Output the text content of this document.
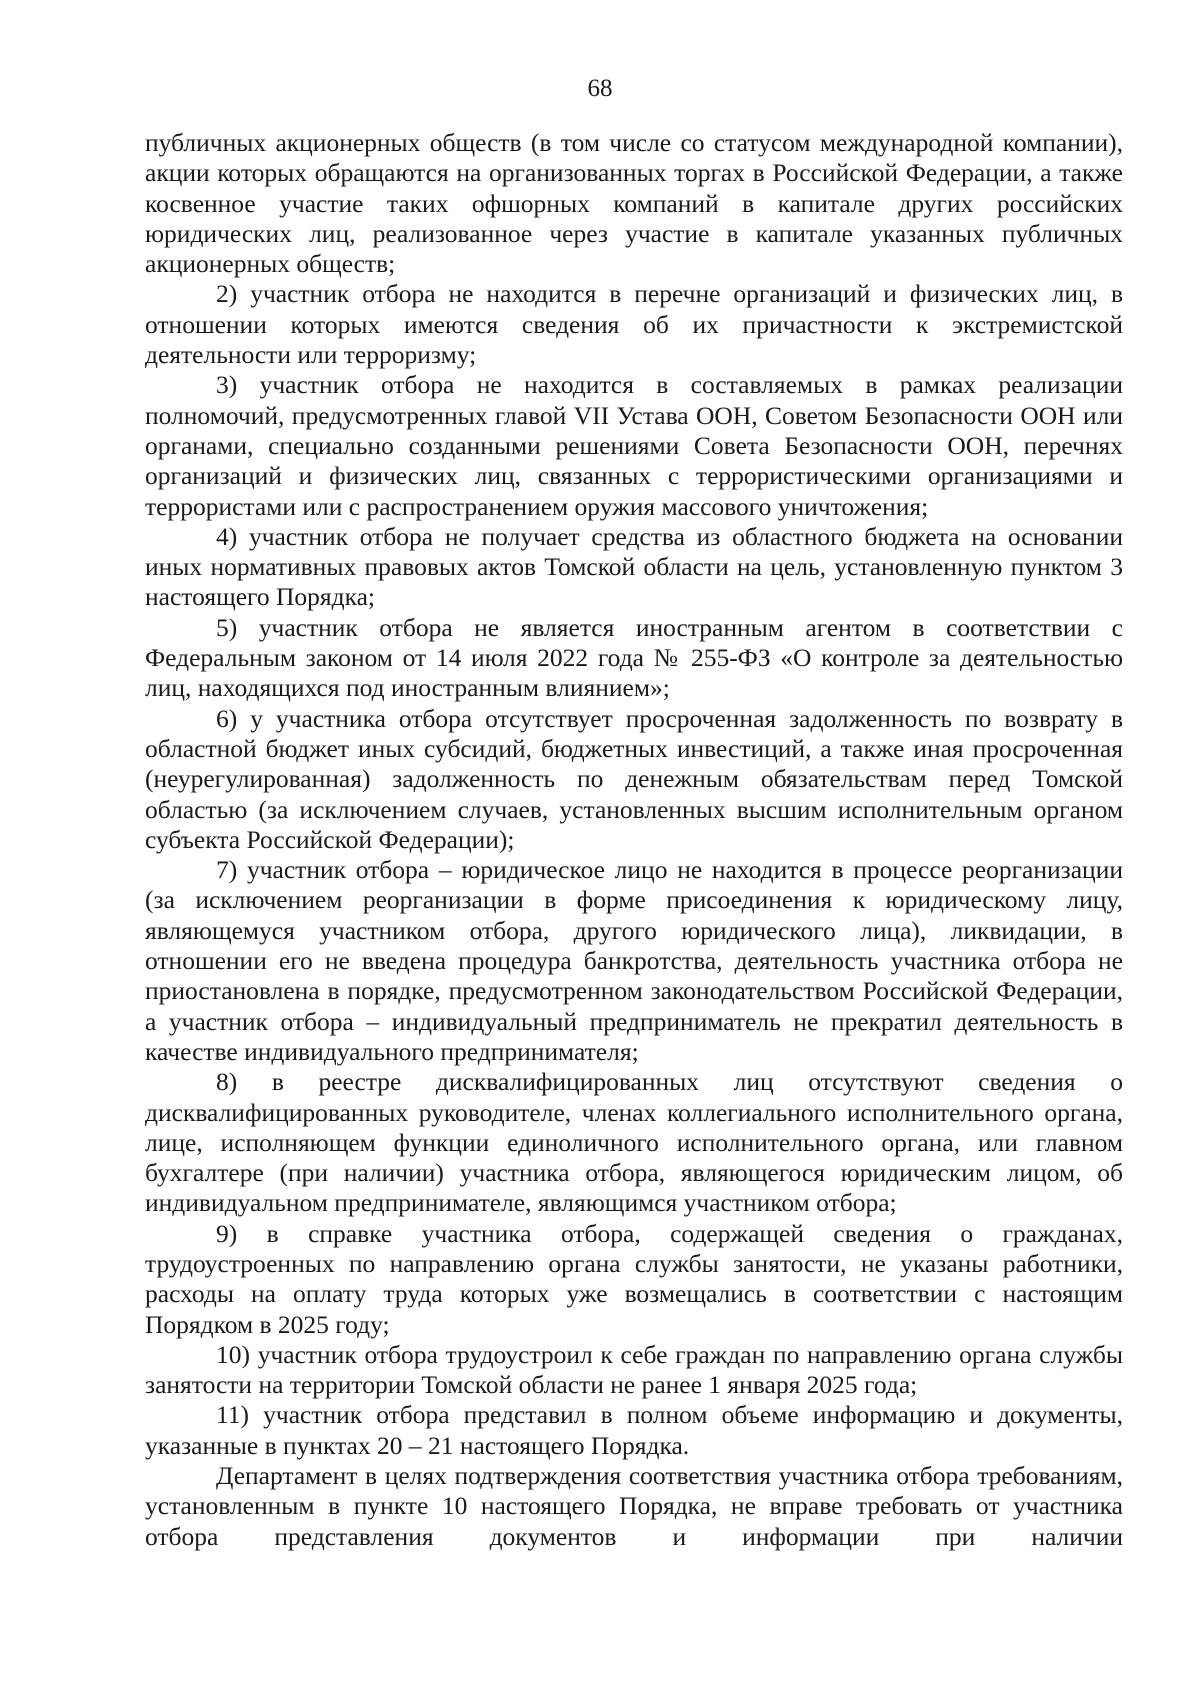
68

публичных акционерных обществ (в том числе со статусом международной компании), акции которых обращаются на организованных торгах в Российской Федерации, а также косвенное участие таких офшорных компаний в капитале других российских юридических лиц, реализованное через участие в капитале указанных публичных акционерных обществ;

2) участник отбора не находится в перечне организаций и физических лиц, в отношении которых имеются сведения об их причастности к экстремистской деятельности или терроризму;

3) участник отбора не находится в составляемых в рамках реализации полномочий, предусмотренных главой VII Устава ООН, Советом Безопасности ООН или органами, специально созданными решениями Совета Безопасности ООН, перечнях организаций и физических лиц, связанных с террористическими организациями и террористами или с распространением оружия массового уничтожения;

4) участник отбора не получает средства из областного бюджета на основании иных нормативных правовых актов Томской области на цель, установленную пунктом 3 настоящего Порядка;

5) участник отбора не является иностранным агентом в соответствии с Федеральным законом от 14 июля 2022 года № 255-ФЗ «О контроле за деятельностью лиц, находящихся под иностранным влиянием»;

6) у участника отбора отсутствует просроченная задолженность по возврату в областной бюджет иных субсидий, бюджетных инвестиций, а также иная просроченная (неурегулированная) задолженность по денежным обязательствам перед Томской областью (за исключением случаев, установленных высшим исполнительным органом субъекта Российской Федерации);

7) участник отбора – юридическое лицо не находится в процессе реорганизации (за исключением реорганизации в форме присоединения к юридическому лицу, являющемуся участником отбора, другого юридического лица), ликвидации, в отношении его не введена процедура банкротства, деятельность участника отбора не приостановлена в порядке, предусмотренном законодательством Российской Федерации, а участник отбора – индивидуальный предприниматель не прекратил деятельность в качестве индивидуального предпринимателя;

8) в реестре дисквалифицированных лиц отсутствуют сведения о дисквалифицированных руководителе, членах коллегиального исполнительного органа, лице, исполняющем функции единоличного исполнительного органа, или главном бухгалтере (при наличии) участника отбора, являющегося юридическим лицом, об индивидуальном предпринимателе, являющимся участником отбора;

9) в справке участника отбора, содержащей сведения о гражданах, трудоустроенных по направлению органа службы занятости, не указаны работники, расходы на оплату труда которых уже возмещались в соответствии с настоящим Порядком в 2025 году;

10) участник отбора трудоустроил к себе граждан по направлению органа службы занятости на территории Томской области не ранее 1 января 2025 года;

11) участник отбора представил в полном объеме информацию и документы, указанные в пунктах 20 – 21 настоящего Порядка.

Департамент в целях подтверждения соответствия участника отбора требованиям, установленным в пункте 10 настоящего Порядка, не вправе требовать от участника отбора представления документов и информации при наличии
